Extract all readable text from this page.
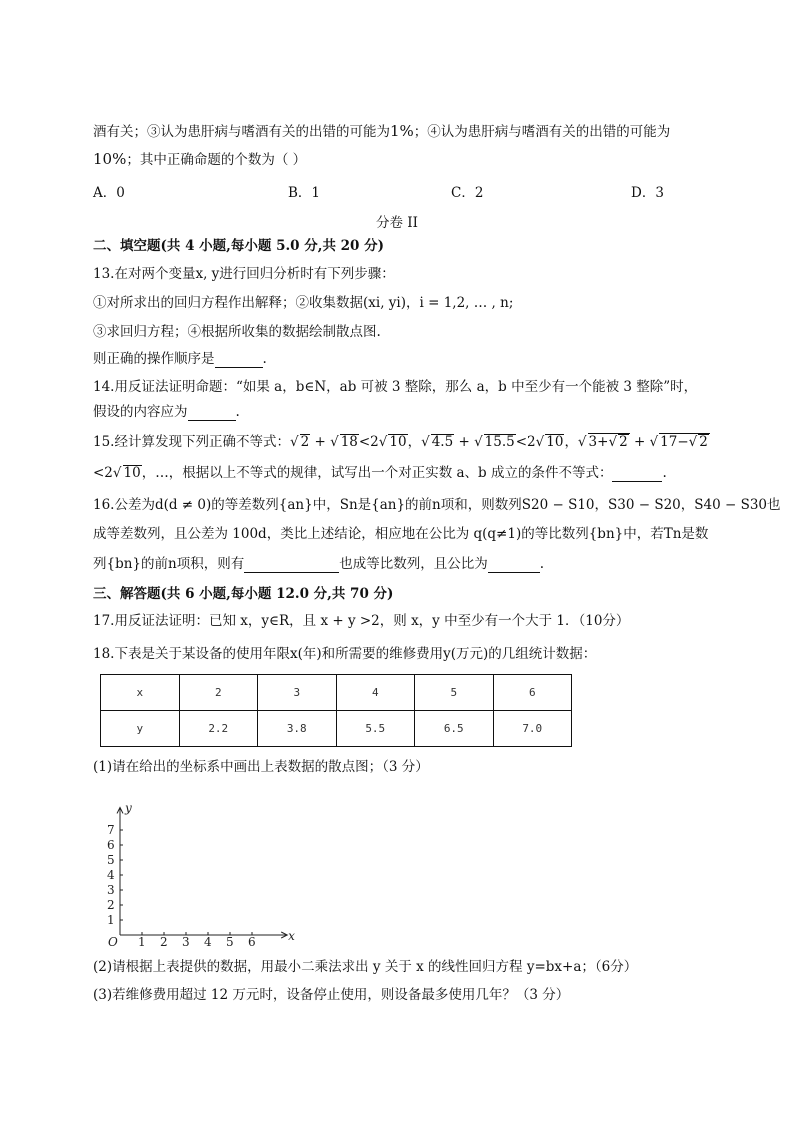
酒有关；③认为患肝病与嗜酒有关的出错的可能为1%；④认为患肝病与嗜酒有关的出错的可能为
10%；其中正确命题的个数为（ ）
A．0	B．1	C．2	D．3
分卷 II
二、填空题(共 4 小题,每小题 5.0 分,共 20 分)
13.在对两个变量x, y进行回归分析时有下列步骤：
①对所求出的回归方程作出解释；②收集数据(xi, yi)，i = 1,2, … , n;
③求回归方程；④根据所收集的数据绘制散点图.
则正确的操作顺序是	.
14.用反证法证明命题：“如果 a，b∈N，ab 可被 3 整除，那么 a，b 中至少有一个能被 3 整除”时，
假设的内容应为	.
15.经计算发现下列正确不等式：√ 2 + √ 18<2√ 10，√ 4.5 + √ 15.5<2√ 10，√ 3+√ 2 + √ 17−√ 2
<2√ 10，…，根据以上不等式的规律，试写出一个对正实数 a、b 成立的条件不等式：	.
16.公差为d(d ≠ 0)的等差数列{an}中，Sn是{an}的前n项和，则数列S20 − S10，S30 − S20，S40 − S30也
成等差数列，且公差为 100d，类比上述结论，相应地在公比为 q(q≠1)的等比数列{bn}中，若Tn是数
列{bn}的前n项积，则有	也成等比数列，且公比为	.
三、解答题(共 6 小题,每小题 12.0 分,共 70 分)
17.用反证法证明：已知 x，y∈R，且 x + y >2，则 x，y 中至少有一个大于 1．（10分）
18.下表是关于某设备的使用年限x(年)和所需要的维修费用y(万元)的几组统计数据：
x	2	3	4	5	6
y	2.2	3.8	5.5	6.5	7.0
(1)请在给出的坐标系中画出上表数据的散点图；（3 分）
O 1 2 3 4 5 6
1
2
3
4
5
6
7
x
y
(2)请根据上表提供的数据，用最小二乘法求出 y 关于 x 的线性回归方程 y=bx+a；（6分）
(3)若维修费用超过 12 万元时，设备停止使用，则设备最多使用几年？（3 分）
